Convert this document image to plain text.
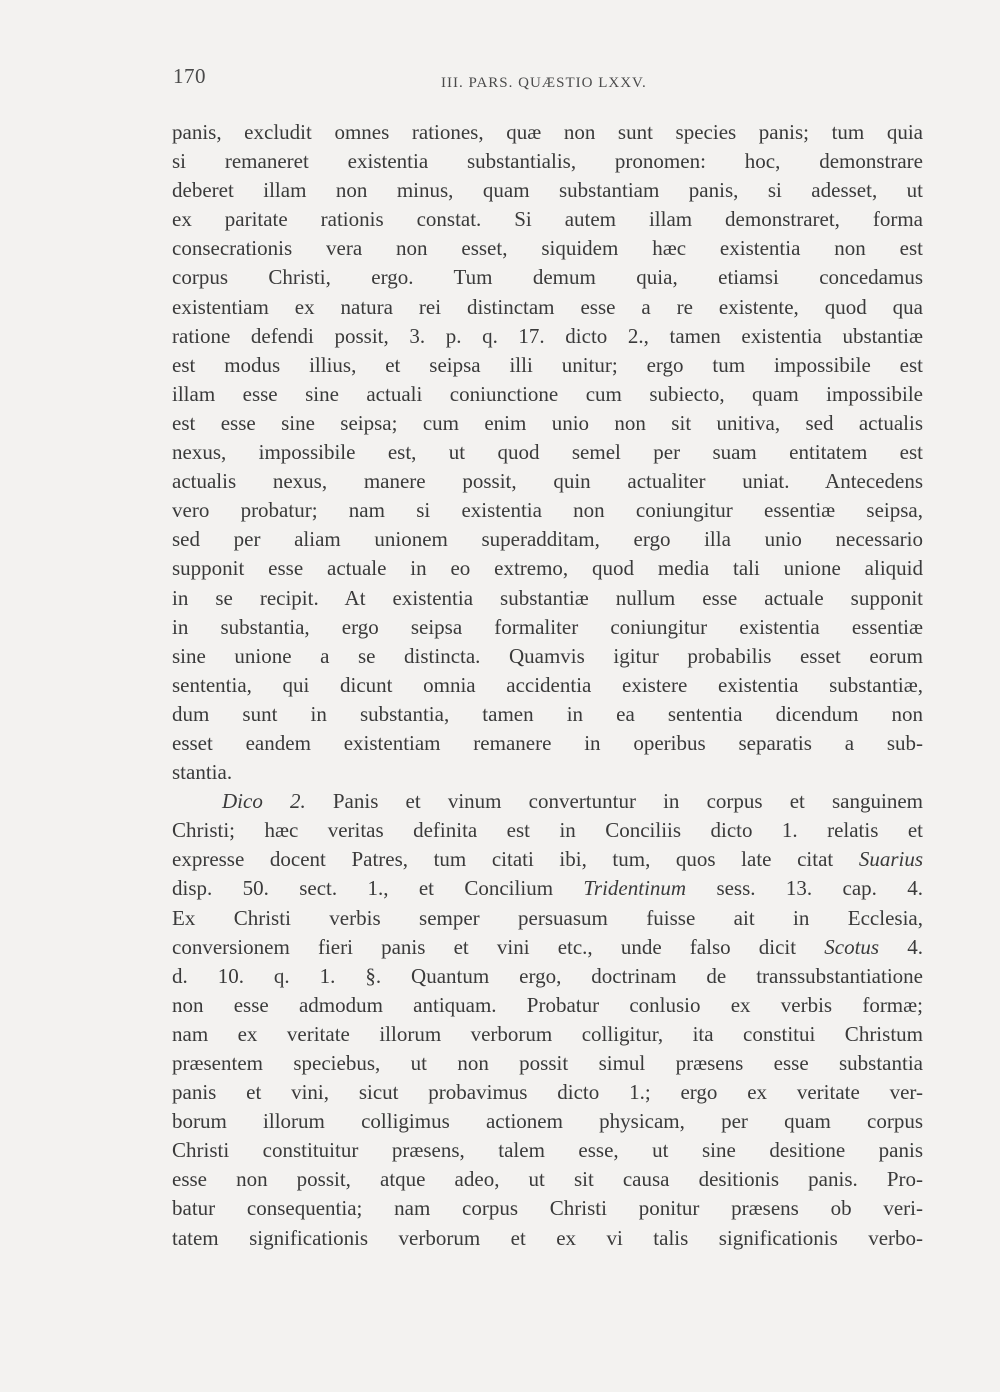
170	III. PARS. QUÆSTIO LXXV.
panis, excludit omnes rationes, quæ non sunt species panis; tum quia
si remaneret existentia substantialis, pronomen: hoc, demonstrare
deberet illam non minus, quam substantiam panis, si adesset, ut
ex paritate rationis constat. Si autem illam demonstraret, forma
consecrationis vera non esset, siquidem hæc existentia non est
corpus Christi, ergo. Tum demum quia, etiamsi concedamus
existentiam ex natura rei distinctam esse a re existente, quod qua
ratione defendi possit, 3. p. q. 17. dicto 2., tamen existentia ubstantiæ
est modus illius, et seipsa illi unitur; ergo tum impossibile est
illam esse sine actuali coniunctione cum subiecto, quam impossibile
est esse sine seipsa; cum enim unio non sit unitiva, sed actualis
nexus, impossibile est, ut quod semel per suam entitatem est
actualis nexus, manere possit, quin actualiter uniat. Antecedens
vero probatur; nam si existentia non coniungitur essentiæ seipsa,
sed per aliam unionem superadditam, ergo illa unio necessario
supponit esse actuale in eo extremo, quod media tali unione aliquid
in se recipit. At existentia substantiæ nullum esse actuale supponit
in substantia, ergo seipsa formaliter coniungitur existentia essentiæ
sine unione a se distincta. Quamvis igitur probabilis esset eorum
sententia, qui dicunt omnia accidentia existere existentia substantiæ,
dum sunt in substantia, tamen in ea sententia dicendum non
esset eandem existentiam remanere in operibus separatis a sub-
stantia.
Dico 2. Panis et vinum convertuntur in corpus et sanguinem
Christi; hæc veritas definita est in Conciliis dicto 1. relatis et
expresse docent Patres, tum citati ibi, tum, quos late citat Suarius
disp. 50. sect. 1., et Concilium Tridentinum sess. 13. cap. 4.
Ex Christi verbis semper persuasum fuisse ait in Ecclesia,
conversionem fieri panis et vini etc., unde falso dicit Scotus 4.
d. 10. q. 1. §. Quantum ergo, doctrinam de transsubstantiatione
non esse admodum antiquam. Probatur conlusio ex verbis formæ;
nam ex veritate illorum verborum colligitur, ita constitui Christum
præsentem speciebus, ut non possit simul præsens esse substantia
panis et vini, sicut probavimus dicto 1.; ergo ex veritate ver-
borum illorum colligimus actionem physicam, per quam corpus
Christi constituitur præsens, talem esse, ut sine desitione panis
esse non possit, atque adeo, ut sit causa desitionis panis. Pro-
batur consequentia; nam corpus Christi ponitur præsens ob veri-
tatem significationis verborum et ex vi talis significationis verbo-
